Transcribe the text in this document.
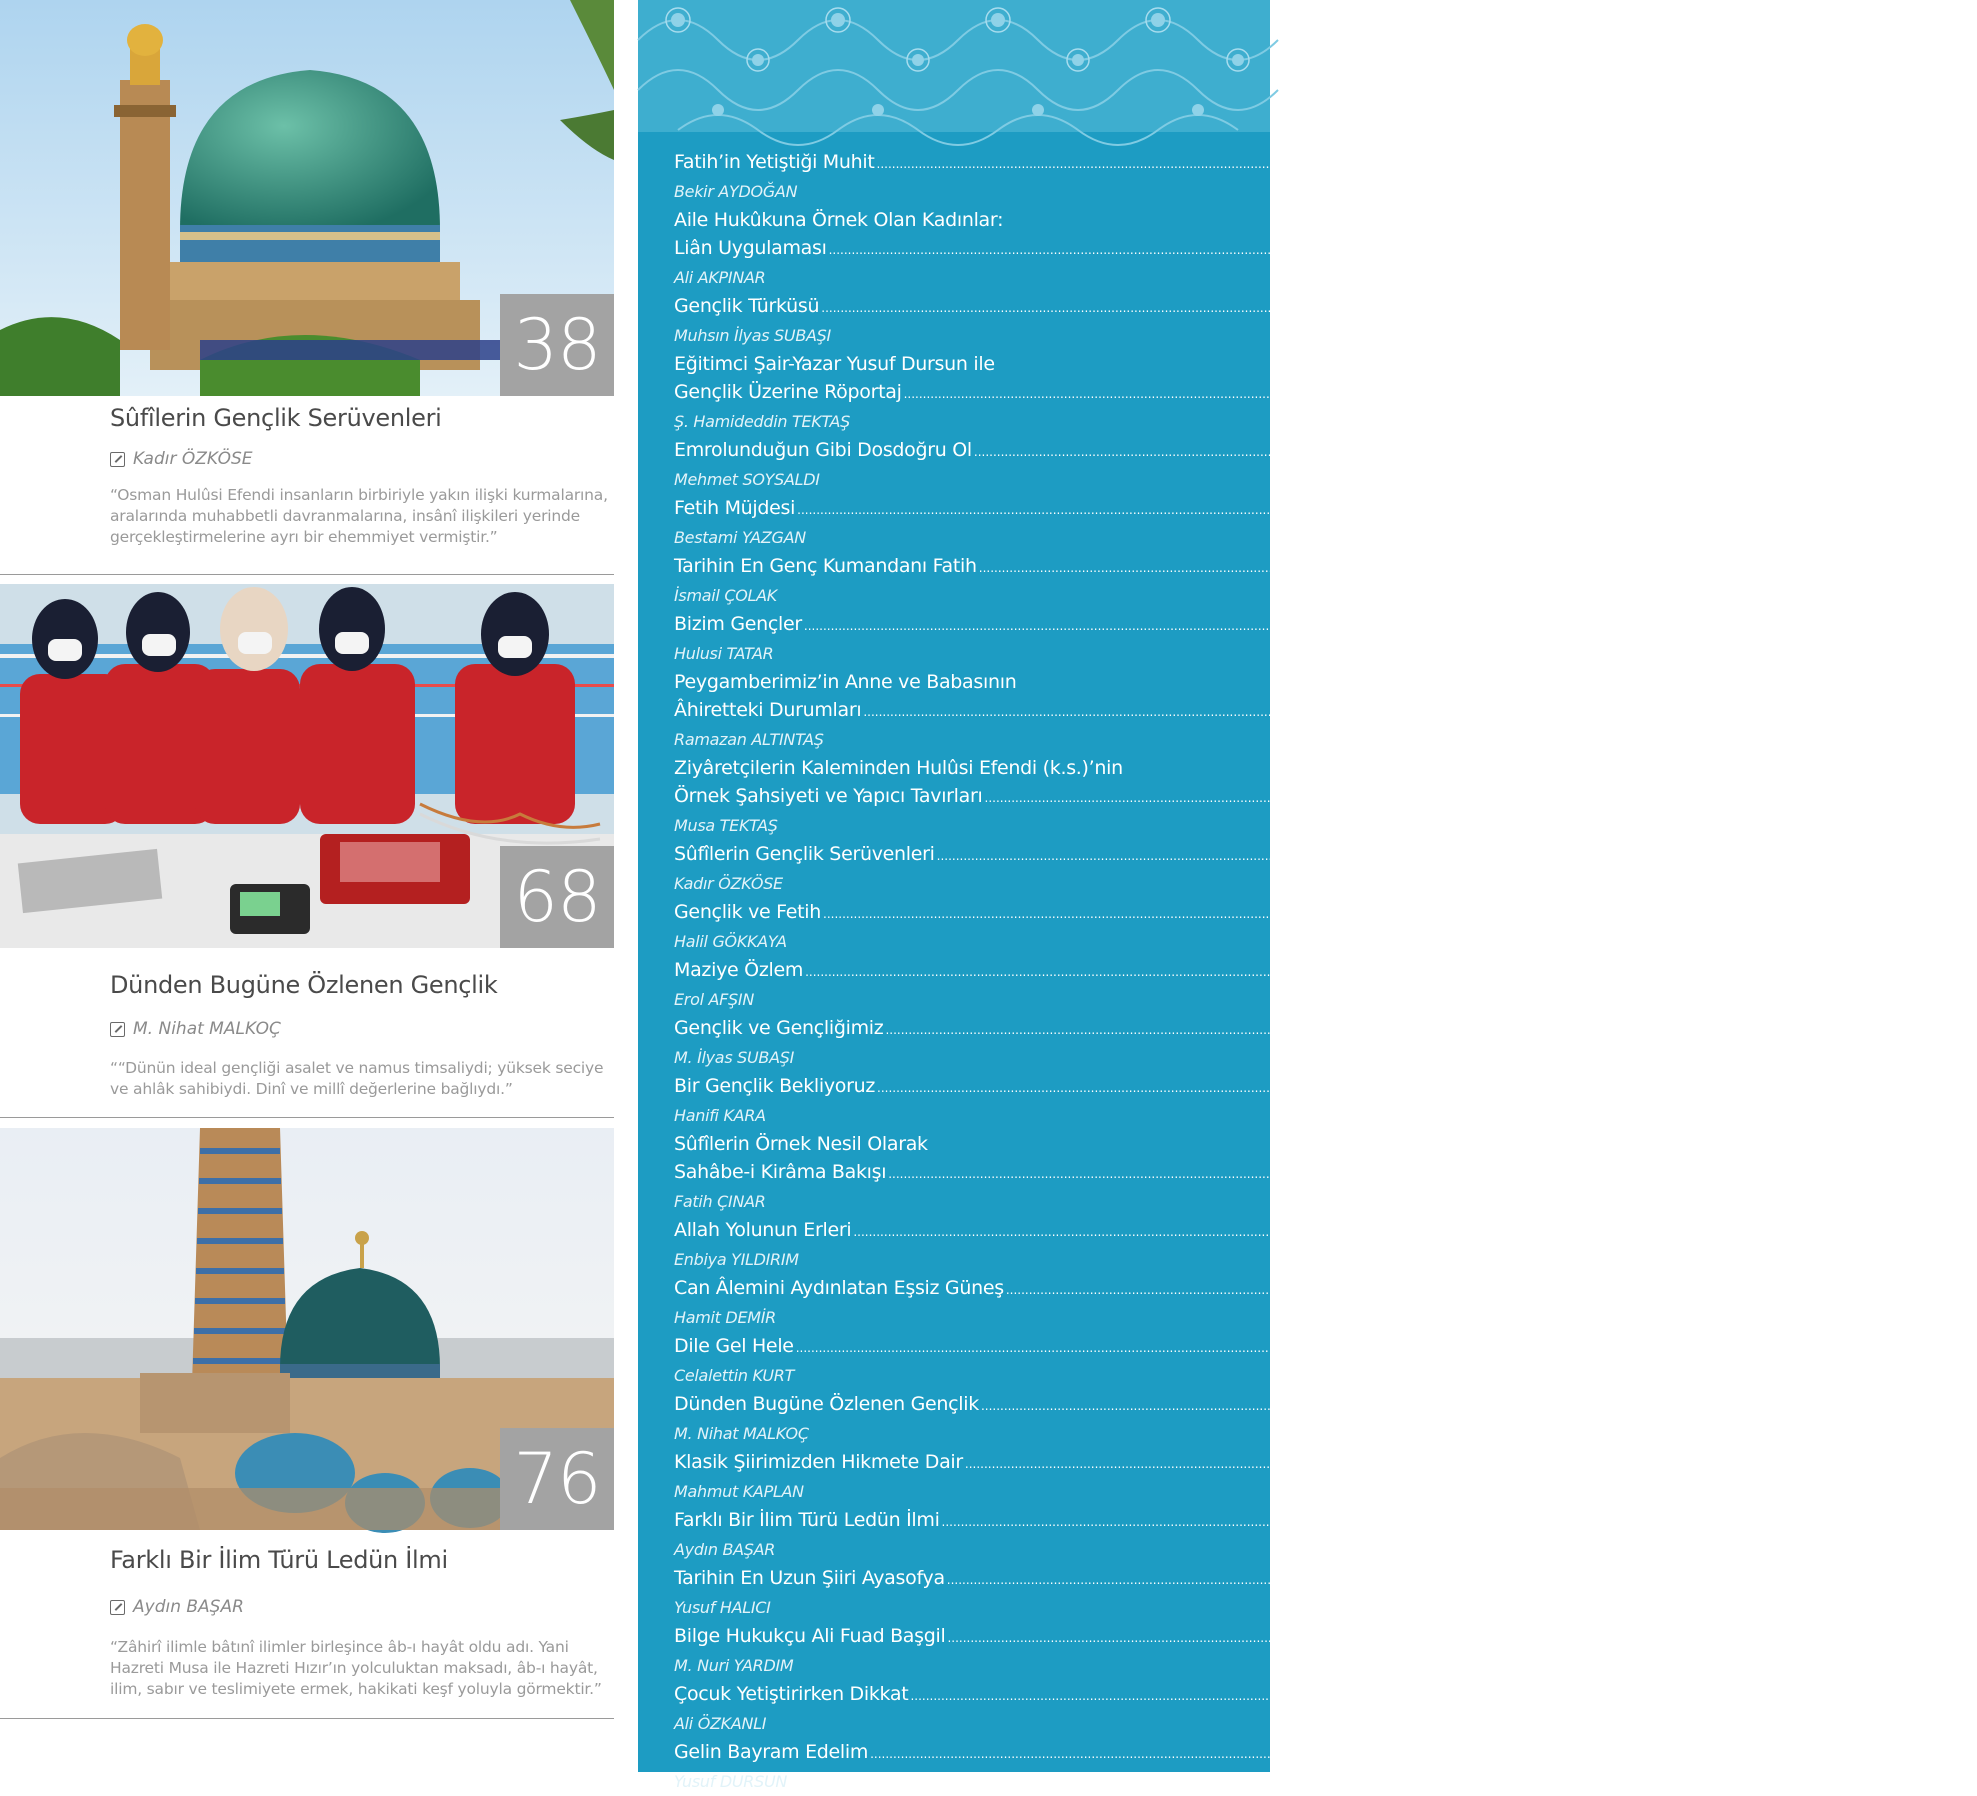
38
Sûfîlerin Gençlik Serüvenleri
Kadır ÖZKÖSE
“Osman Hulûsi Efendi insanların birbiriyle yakın ilişki kurmalarına, aralarında muhabbetli davranmalarına, insânî ilişkileri yerinde gerçekleştirmelerine ayrı bir ehemmiyet vermiştir.”
68
Dünden Bugüne Özlenen Gençlik
M. Nihat MALKOÇ
““Dünün ideal gençliği asalet ve namus timsaliydi; yüksek seciye ve ahlâk sahibiydi. Dinî ve millî değerlerine bağlıydı.”
76
Farklı Bir İlim Türü Ledün İlmi
Aydın BAŞAR
“Zâhirî ilimle bâtınî ilimler birleşince âb-ı hayât oldu adı. Yani Hazreti Musa ile Hazreti Hızır’ın yolculuktan maksadı, âb-ı hayât, ilim, sabır ve teslimiyete ermek, hakikati keşf yoluyla görmektir.”
Fatih’in Yetiştiği Muhit .....	01
Bekir AYDOĞAN
Aile Hukûkuna Örnek Olan Kadınlar:
Liân Uygulaması .....	06
Ali AKPINAR
Gençlik Türküsü .....	11
Muhsın İlyas SUBAŞI
Eğitimci Şair-Yazar Yusuf Dursun ile
Gençlik Üzerine Röportaj .....	12
Ş. Hamideddin TEKTAŞ
Emrolunduğun Gibi Dosdoğru Ol .....	18
Mehmet SOYSALDI
Fetih Müjdesi .....	21
Bestami YAZGAN
Tarihin En Genç Kumandanı Fatih .....	22
İsmail ÇOLAK
Bizim Gençler .....	27
Hulusi TATAR
Peygamberimiz’in Anne ve Babasının
Âhiretteki Durumları .....	28
Ramazan ALTINTAŞ
Ziyâretçilerin Kaleminden Hulûsi Efendi (k.s.)’nin
Örnek Şahsiyeti ve Yapıcı Tavırları .....	32
Musa TEKTAŞ
Sûfîlerin Gençlik Serüvenleri .....	38
Kadır ÖZKÖSE
Gençlik ve Fetih .....	43
Halil GÖKKAYA
Maziye Özlem .....	44
Erol AFŞIN
Gençlik ve Gençliğimiz .....	46
M. İlyas SUBAŞI
Bir Gençlik Bekliyoruz .....	55
Hanifi KARA
Sûfîlerin Örnek Nesil Olarak
Sahâbe-i Kirâma Bakışı .....	56
Fatih ÇINAR
Allah Yolunun Erleri .....	60
Enbiya YILDIRIM
Can Âlemini Aydınlatan Eşsiz Güneş .....	64
Hamit DEMİR
Dile Gel Hele .....	67
Celalettin KURT
Dünden Bugüne Özlenen Gençlik .....	68
M. Nihat MALKOÇ
Klasik Şiirimizden Hikmete Dair .....	72
Mahmut KAPLAN
Farklı Bir İlim Türü Ledün İlmi .....	76
Aydın BAŞAR
Tarihin En Uzun Şiiri Ayasofya .....	80
Yusuf HALICI
Bilge Hukukçu Ali Fuad Başgil .....	82
M. Nuri YARDIM
Çocuk Yetiştirirken Dikkat .....	86
Ali ÖZKANLI
Gelin Bayram Edelim .....	89
Yusuf DURSUN
